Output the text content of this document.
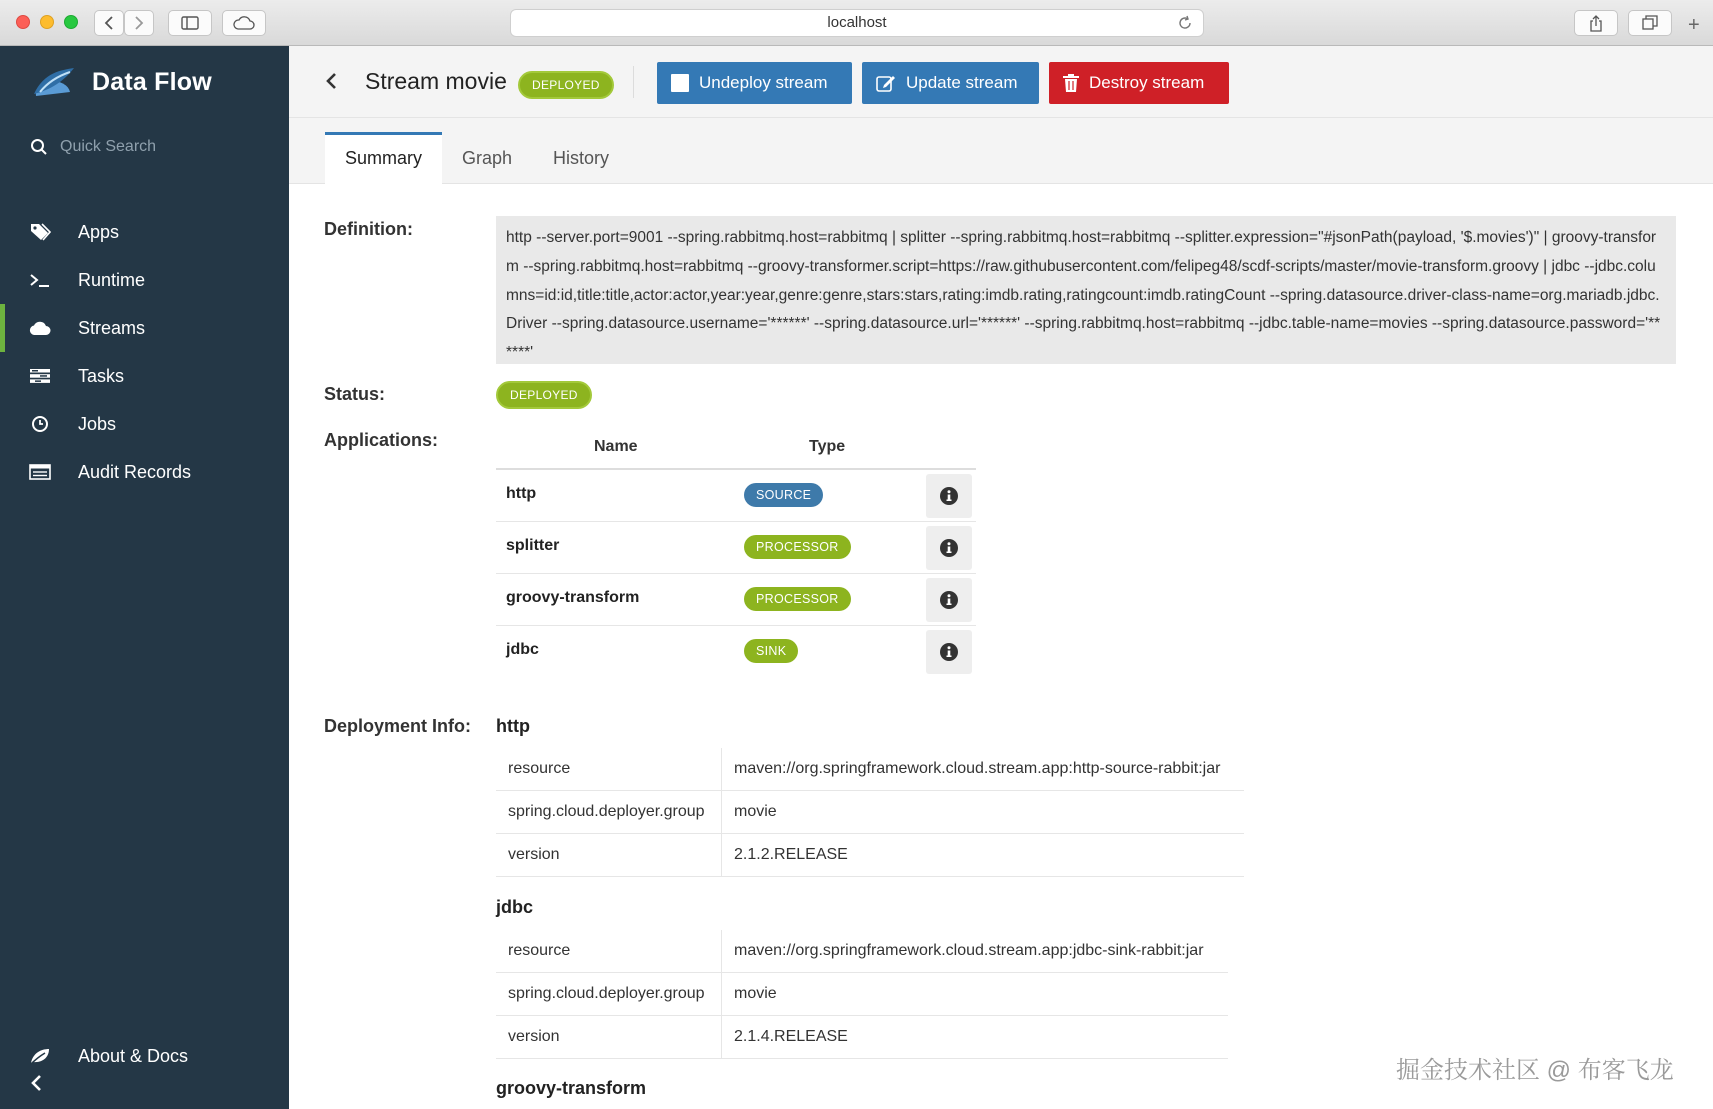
localhost	+
Data Flow
Quick Search
Apps
Runtime
Streams
Tasks
Jobs
Audit Records
About & Docs
Stream movie	DEPLOYED	Undeploy stream	Update stream	Destroy stream
Summary	Graph	History
Definition:	http --server.port=9001 --spring.rabbitmq.host=rabbitmq | splitter --spring.rabbitmq.host=rabbitmq --splitter.expression="#jsonPath(payload, '$.movies')" | groovy-transform --spring.rabbitmq.host=rabbitmq --groovy-transformer.script=https://raw.githubusercontent.com/felipeg48/scdf-scripts/master/movie-transform.groovy | jdbc --jdbc.columns=id:id,title:title,actor:actor,year:year,genre:genre,stars:stars,rating:imdb.rating,ratingcount:imdb.ratingCount --spring.datasource.driver-class-name=org.mariadb.jdbc.Driver --spring.datasource.username='******' --spring.datasource.url='******' --spring.rabbitmq.host=rabbitmq --jdbc.table-name=movies --spring.datasource.password='******'
Status:	DEPLOYED
Applications:	Name	Type
http	SOURCE
splitter	PROCESSOR
groovy-transform	PROCESSOR
jdbc	SINK
Deployment Info: http
resource	maven://org.springframework.cloud.stream.app:http-source-rabbit:jar
spring.cloud.deployer.group	movie
version	2.1.2.RELEASE
jdbc
resource	maven://org.springframework.cloud.stream.app:jdbc-sink-rabbit:jar
spring.cloud.deployer.group	movie
version	2.1.4.RELEASE
groovy-transform
掘金技术社区 @ 布客飞龙
